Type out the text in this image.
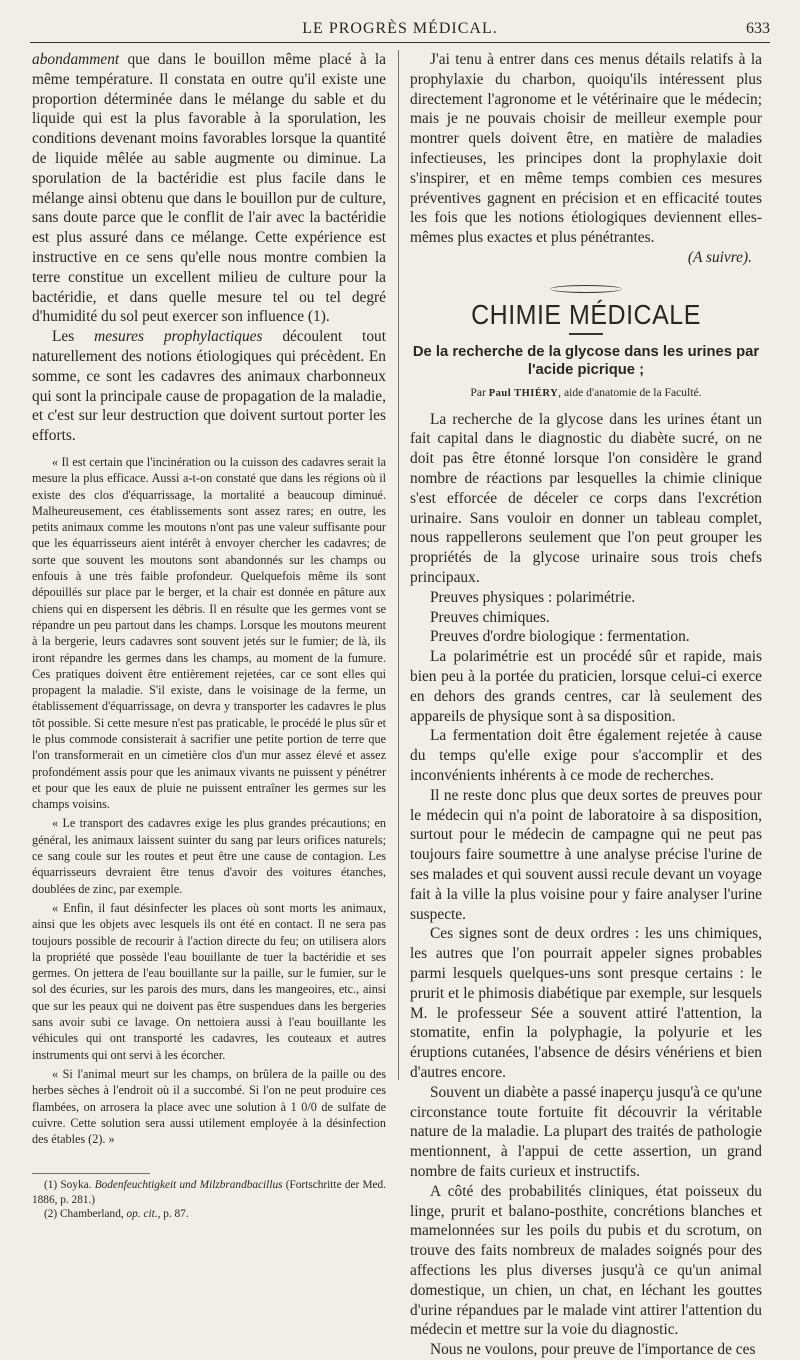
LE PROGRÈS MÉDICAL.	633

abondamment que dans le bouillon même placé à la même température. Il constata en outre qu'il existe une proportion déterminée dans le mélange du sable et du liquide qui est la plus favorable à la sporulation, les conditions devenant moins favorables lorsque la quantité de liquide mêlée au sable augmente ou diminue. La sporulation de la bactéridie est plus facile dans le mélange ainsi obtenu que dans le bouillon pur de culture, sans doute parce que le conflit de l'air avec la bactéridie est plus assuré dans ce mélange. Cette expérience est instructive en ce sens qu'elle nous montre combien la terre constitue un excellent milieu de culture pour la bactéridie, et dans quelle mesure tel ou tel degré d'humidité du sol peut exercer son influence (1).

Les mesures prophylactiques découlent tout naturellement des notions étiologiques qui précèdent. En somme, ce sont les cadavres des animaux charbonneux qui sont la principale cause de propagation de la maladie, et c'est sur leur destruction que doivent surtout porter les efforts.

« Il est certain que l'incinération ou la cuisson des cadavres serait la mesure la plus efficace. Aussi a-t-on constaté que dans les régions où il existe des clos d'équarrissage, la mortalité a beaucoup diminué. Malheureusement, ces établissements sont assez rares; en outre, les petits animaux comme les moutons n'ont pas une valeur suffisante pour que les équarrisseurs aient intérêt à envoyer chercher les cadavres; de sorte que souvent les moutons sont abandonnés sur les champs ou enfouis à une très faible profondeur. Quelquefois même ils sont dépouillés sur place par le berger, et la chair est donnée en pâture aux chiens qui en dispersent les débris. Il en résulte que les germes vont se répandre un peu partout dans les champs. Lorsque les moutons meurent à la bergerie, leurs cadavres sont souvent jetés sur le fumier; de là, ils iront répandre les germes dans les champs, au moment de la fumure. Ces pratiques doivent être entièrement rejetées, car ce sont elles qui propagent la maladie. S'il existe, dans le voisinage de la ferme, un établissement d'équarrissage, on devra y transporter les cadavres le plus tôt possible. Si cette mesure n'est pas praticable, le procédé le plus sûr et le plus commode consisterait à sacrifier une petite portion de terre que l'on transformerait en un cimetière clos d'un mur assez élevé et assez profondément assis pour que les animaux vivants ne puissent y pénétrer et pour que les eaux de pluie ne puissent entraîner les germes sur les champs voisins.

« Le transport des cadavres exige les plus grandes précautions; en général, les animaux laissent suinter du sang par leurs orifices naturels; ce sang coule sur les routes et peut être une cause de contagion. Les équarrisseurs devraient être tenus d'avoir des voitures étanches, doublées de zinc, par exemple.

« Enfin, il faut désinfecter les places où sont morts les animaux, ainsi que les objets avec lesquels ils ont été en contact. Il ne sera pas toujours possible de recourir à l'action directe du feu; on utilisera alors la propriété que possède l'eau bouillante de tuer la bactéridie et ses germes. On jettera de l'eau bouillante sur la paille, sur le fumier, sur le sol des écuries, sur les parois des murs, dans les mangeoires, etc., ainsi que sur les peaux qui ne doivent pas être suspendues dans les bergeries sans avoir subi ce lavage. On nettoiera aussi à l'eau bouillante les véhicules qui ont transporté les cadavres, les couteaux et autres instruments qui ont servi à les écorcher.

« Si l'animal meurt sur les champs, on brûlera de la paille ou des herbes sèches à l'endroit où il a succombé. Si l'on ne peut produire ces flambées, on arrosera la place avec une solution à 1 0/0 de sulfate de cuivre. Cette solution sera aussi utilement employée à la désinfection des étables (2). »

(1) Soyka. Bodenfeuchtigkeit und Milzbrandbacillus (Fortschritte der Med. 1886, p. 281.)

(2) Chamberland, op. cit., p. 87.

J'ai tenu à entrer dans ces menus détails relatifs à la prophylaxie du charbon, quoiqu'ils intéressent plus directement l'agronome et le vétérinaire que le médecin; mais je ne pouvais choisir de meilleur exemple pour montrer quels doivent être, en matière de maladies infectieuses, les principes dont la prophylaxie doit s'inspirer, et en même temps combien ces mesures préventives gagnent en précision et en efficacité toutes les fois que les notions étiologiques deviennent elles-mêmes plus exactes et plus pénétrantes.

(A suivre).

CHIMIE MÉDICALE
De la recherche de la glycose dans les urines par l'acide picrique ;
Par Paul THIÉRY, aide d'anatomie de la Faculté.

La recherche de la glycose dans les urines étant un fait capital dans le diagnostic du diabète sucré, on ne doit pas être étonné lorsque l'on considère le grand nombre de réactions par lesquelles la chimie clinique s'est efforcée de déceler ce corps dans l'excrétion urinaire. Sans vouloir en donner un tableau complet, nous rappellerons seulement que l'on peut grouper les propriétés de la glycose urinaire sous trois chefs principaux.

Preuves physiques : polarimétrie.

Preuves chimiques.

Preuves d'ordre biologique : fermentation.

La polarimétrie est un procédé sûr et rapide, mais bien peu à la portée du praticien, lorsque celui-ci exerce en dehors des grands centres, car là seulement des appareils de physique sont à sa disposition.

La fermentation doit être également rejetée à cause du temps qu'elle exige pour s'accomplir et des inconvénients inhérents à ce mode de recherches.

Il ne reste donc plus que deux sortes de preuves pour le médecin qui n'a point de laboratoire à sa disposition, surtout pour le médecin de campagne qui ne peut pas toujours faire soumettre à une analyse précise l'urine de ses malades et qui souvent aussi recule devant un voyage fait à la ville la plus voisine pour y faire analyser l'urine suspecte.

Ces signes sont de deux ordres : les uns chimiques, les autres que l'on pourrait appeler signes probables parmi lesquels quelques-uns sont presque certains : le prurit et le phimosis diabétique par exemple, sur lesquels M. le professeur Sée a souvent attiré l'attention, la stomatite, enfin la polyphagie, la polyurie et les éruptions cutanées, l'absence de désirs vénériens et bien d'autres encore.

Souvent un diabète a passé inaperçu jusqu'à ce qu'une circonstance toute fortuite fit découvrir la véritable nature de la maladie. La plupart des traités de pathologie mentionnent, à l'appui de cette assertion, un grand nombre de faits curieux et instructifs.

A côté des probabilités cliniques, état poisseux du linge, prurit et balano-posthite, concrétions blanches et mamelonnées sur les poils du pubis et du scrotum, on trouve des faits nombreux de malades soignés pour des affections les plus diverses jusqu'à ce qu'un animal domestique, un chien, un chat, en léchant les gouttes d'urine répandues par le malade vint attirer l'attention du médecin et mettre sur la voie du diagnostic.

Nous ne voulons, pour preuve de l'importance de ces
